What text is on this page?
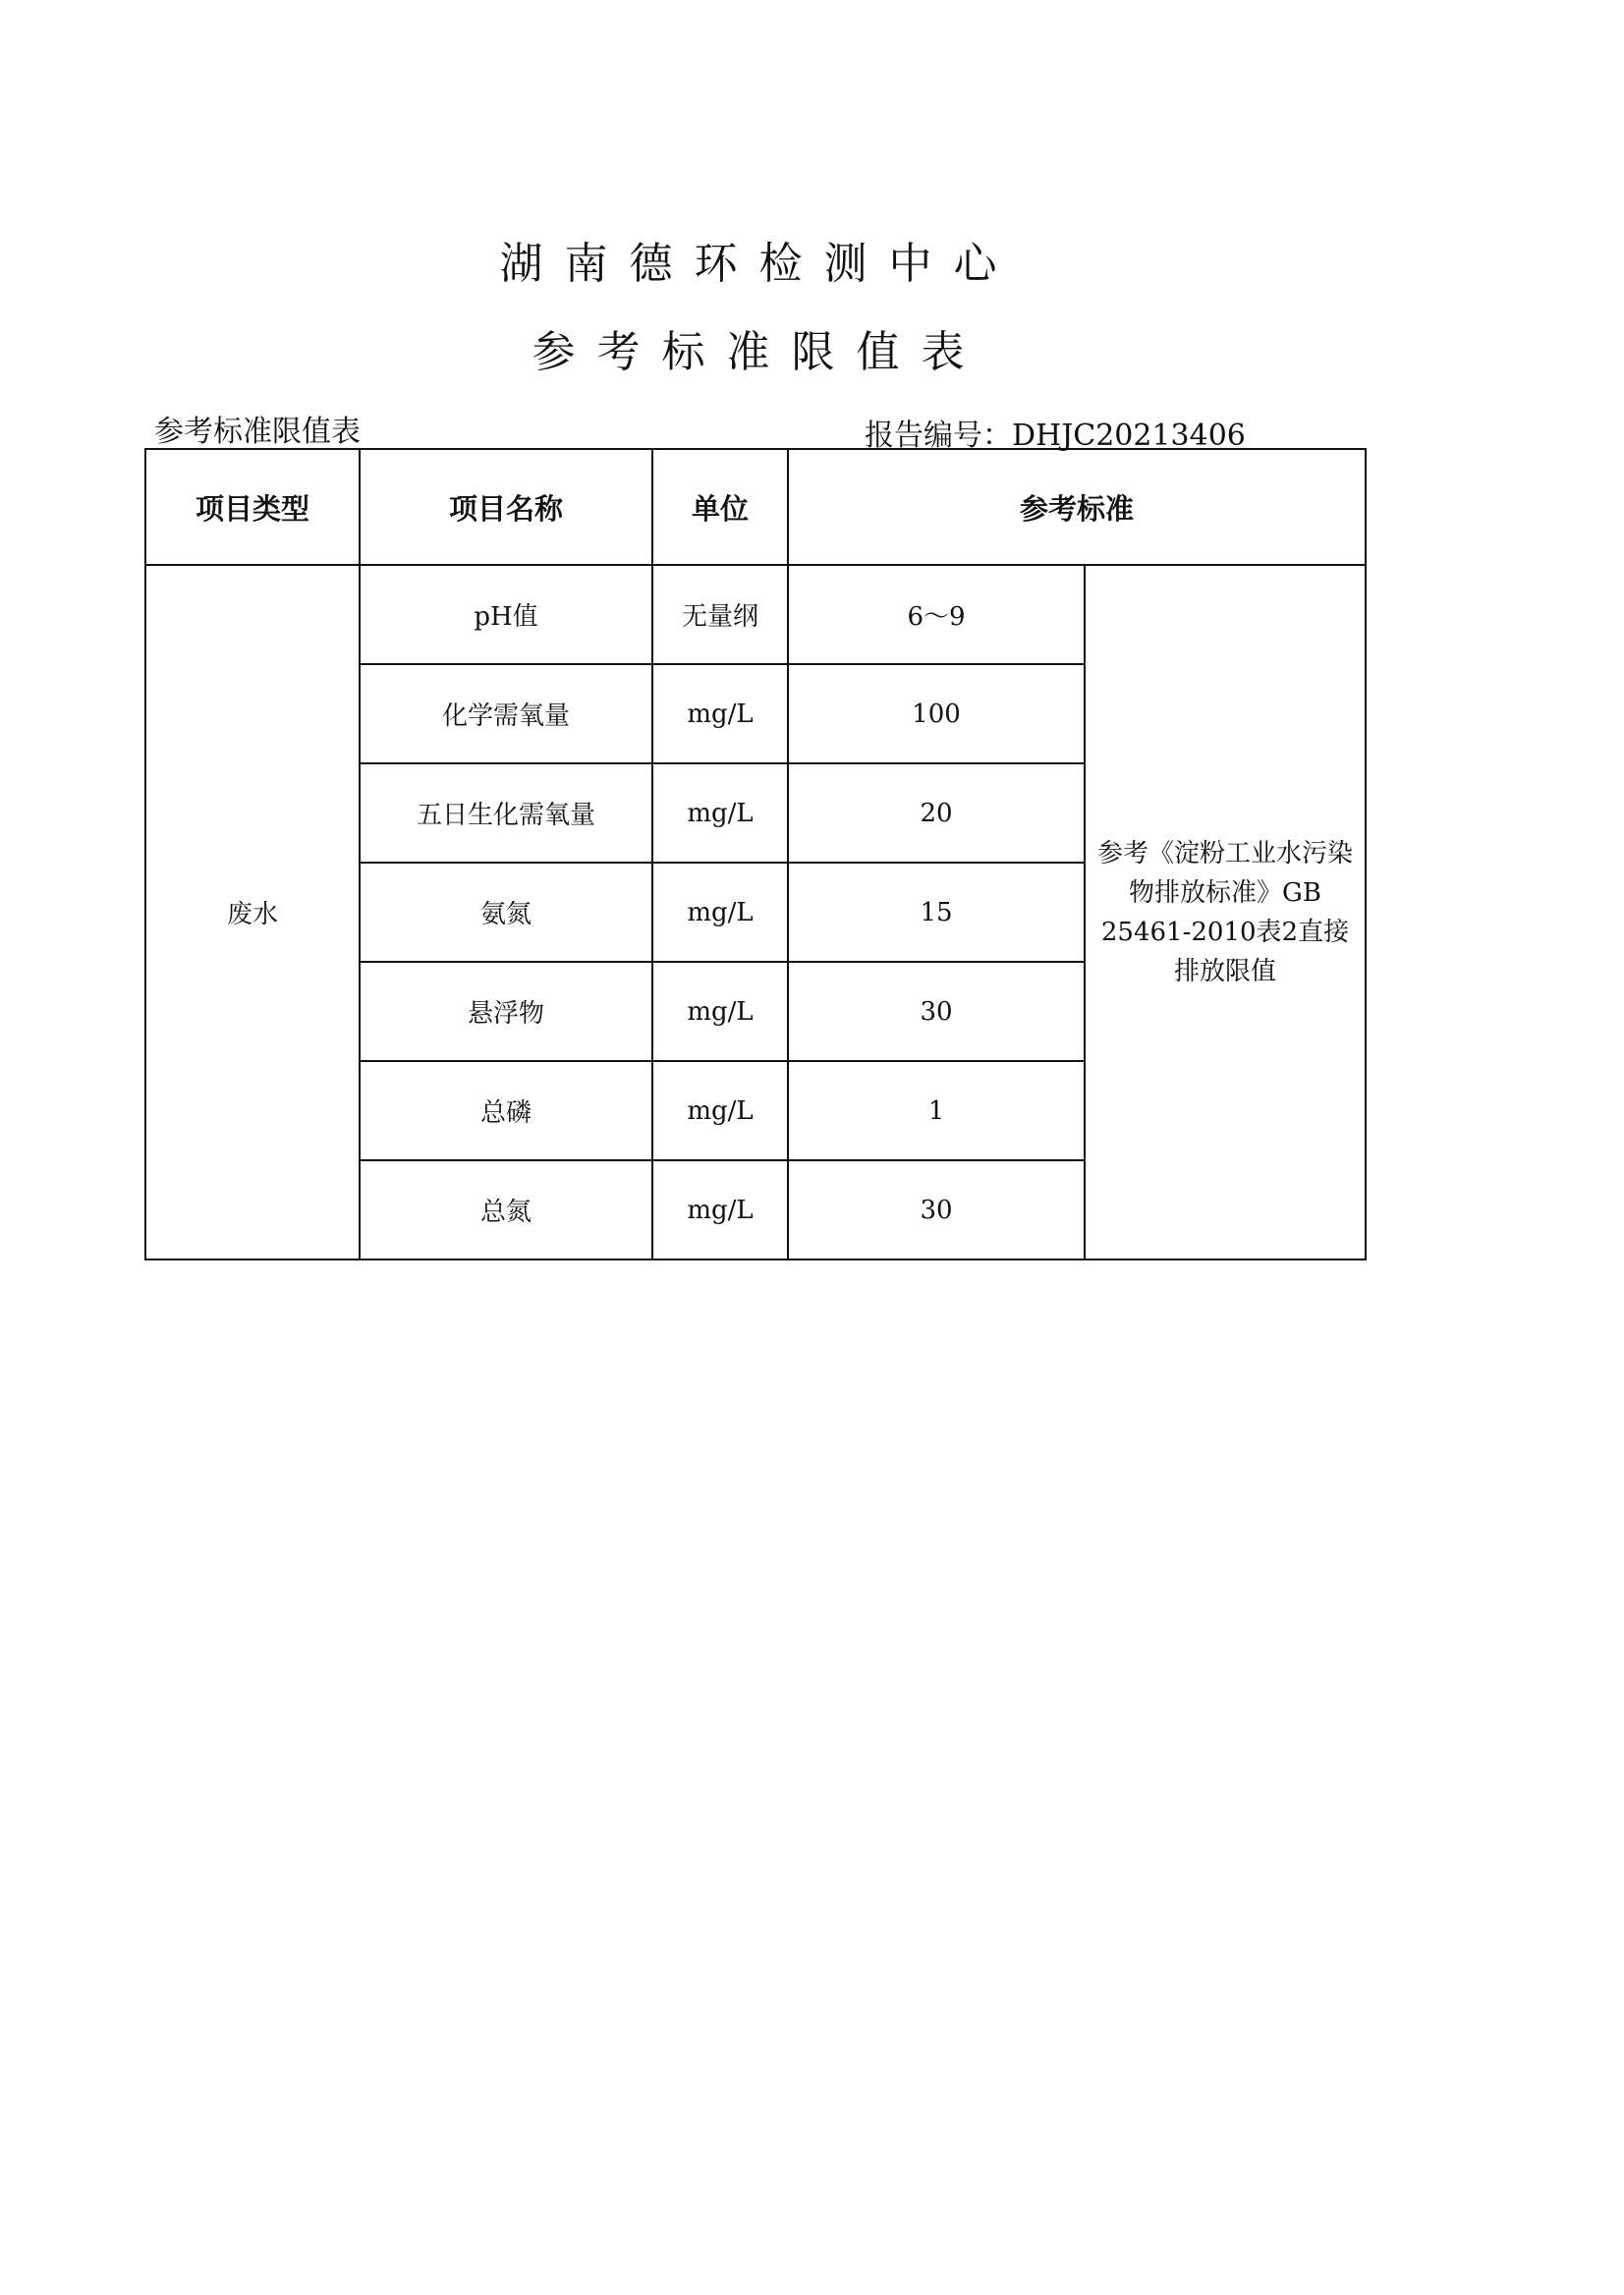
湖南德环检测中心
参考标准限值表
参考标准限值表	报告编号：DHJC20213406
项目类型	项目名称	单位	参考标准	
废水	pH值	无量纲	6～9	参考《淀粉工业水污染物排放标准》GB 25461-2010表2直接排放限值

	化学需氧量	mg/L	100	
	五日生化需氧量	mg/L	20	
	氨氮	mg/L	15	
	悬浮物	mg/L	30	
	总磷	mg/L	1	
	总氮	mg/L	30	
